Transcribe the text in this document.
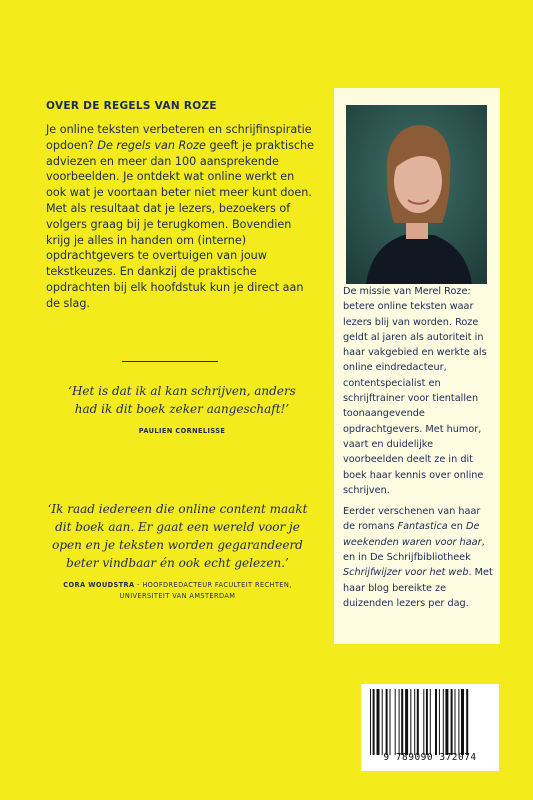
OVER DE REGELS VAN ROZE

Je online teksten verbeteren en schrijfinspiratie opdoen? De regels van Roze geeft je praktische adviezen en meer dan 100 aansprekende voorbeelden. Je ontdekt wat online werkt en ook wat je voortaan beter niet meer kunt doen. Met als resultaat dat je lezers, bezoekers of volgers graag bij je terugkomen. Bovendien krijg je alles in handen om (interne) opdrachtgevers te overtuigen van jouw tekstkeuzes. En dankzij de praktische opdrachten bij elk hoofdstuk kun je direct aan de slag.

‘Het is dat ik al kan schrijven, anders had ik dit boek zeker aangeschaft!’

PAULIEN CORNELISSE

‘Ik raad iedereen die online content maakt dit boek aan. Er gaat een wereld voor je open en je teksten worden gegarandeerd beter vindbaar én ook echt gelezen.’

CORA WOUDSTRA - HOOFDREDACTEUR FACULTEIT RECHTEN, UNIVERSITEIT VAN AMSTERDAM

De missie van Merel Roze: betere online teksten waar lezers blij van worden. Roze geldt al jaren als autoriteit in haar vakgebied en werkte als online eindredacteur, contentspecialist en schrijftrainer voor tientallen toonaangevende opdrachtgevers. Met humor, vaart en duidelijke voorbeelden deelt ze in dit boek haar kennis over online schrijven.

Eerder verschenen van haar de romans Fantastica en De weekenden waren voor haar, en in De Schrijfbibliotheek Schrijfwijzer voor het web. Met haar blog bereikte ze duizenden lezers per dag.

9 789090 372074
